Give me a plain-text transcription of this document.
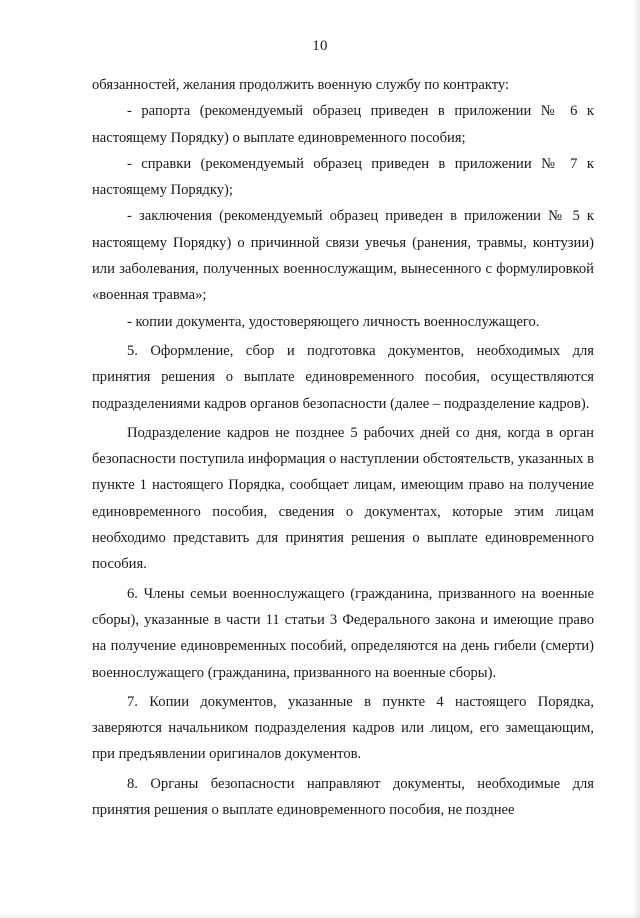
10

обязанностей, желания продолжить военную службу по контракту:

- рапорта (рекомендуемый образец приведен в приложении № 6 к настоящему Порядку) о выплате единовременного пособия;

- справки (рекомендуемый образец приведен в приложении № 7 к настоящему Порядку);

- заключения (рекомендуемый образец приведен в приложении № 5 к настоящему Порядку) о причинной связи увечья (ранения, травмы, контузии) или заболевания, полученных военнослужащим, вынесенного с формулировкой «военная травма»;

- копии документа, удостоверяющего личность военнослужащего.

5. Оформление, сбор и подготовка документов, необходимых для принятия решения о выплате единовременного пособия, осуществляются подразделениями кадров органов безопасности (далее – подразделение кадров).

Подразделение кадров не позднее 5 рабочих дней со дня, когда в орган безопасности поступила информация о наступлении обстоятельств, указанных в пункте 1 настоящего Порядка, сообщает лицам, имеющим право на получение единовременного пособия, сведения о документах, которые этим лицам необходимо представить для принятия решения о выплате единовременного пособия.

6. Члены семьи военнослужащего (гражданина, призванного на военные сборы), указанные в части 11 статьи 3 Федерального закона и имеющие право на получение единовременных пособий, определяются на день гибели (смерти) военнослужащего (гражданина, призванного на военные сборы).

7. Копии документов, указанные в пункте 4 настоящего Порядка, заверяются начальником подразделения кадров или лицом, его замещающим, при предъявлении оригиналов документов.

8. Органы безопасности направляют документы, необходимые для принятия решения о выплате единовременного пособия, не позднее
